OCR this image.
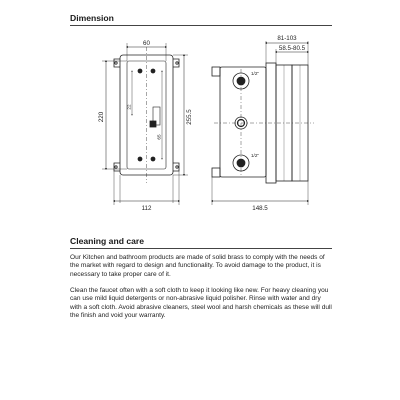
Dimension
60
112
220	255.5
22
65
81-103
58.5-80.5
148.5
1/2"
1/2"
Cleaning and care

Our Kitchen and bathroom products are made of solid brass to comply with the needs of the market with regard to design and functionality. To avoid damage to the product, it is necessary to take proper care of it.

Clean the faucet often with a soft cloth to keep it looking like new. For heavy cleaning you can use mild liquid detergents or non-abrasive liquid polisher. Rinse with water and dry with a soft cloth. Avoid abrasive cleaners, steel wool and harsh chemicals as these will dull the finish and void your warranty.
